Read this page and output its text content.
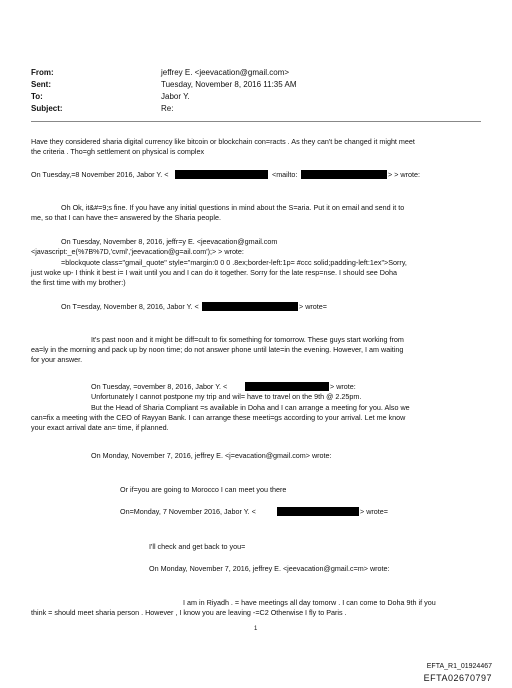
From:	jeffrey E. <jeevacation@gmail.com>
Sent:	Tuesday, November 8, 2016 11:35 AM
To:	Jabor Y.
Subject:	Re:
Have they considered sharia digital currency like bitcoin or blockchain con=racts . As they can't be changed it might meet
the criteria . Tho=gh settlement on physical is complex
On Tuesday,=8 November 2016, Jabor Y. <	<mailto:	> > wrote:
Oh Ok, it&#=9;s fine. If you have any initial questions in mind about the S=aria. Put it on email and send it to
me, so that I can have the= answered by the Sharia people.
On Tuesday, November 8, 2016, jeffr=y E. <jeevacation@gmail.com
<javascript:_e(%7B%7D,'cvml','jeevacation@g=ail.com');> > wrote:
=blockquote class="gmail_quote" style="margin:0 0 0 .8ex;border-left:1p= #ccc solid;padding-left:1ex">Sorry,
just woke up- I think it best i= I wait until you and I can do it together. Sorry for the late resp=nse. I should see Doha
the first time with my brother:)
On T=esday, November 8, 2016, Jabor Y. <	> wrote=
It's past noon and it might be diff=cult to fix something for tomorrow. These guys start working from
ea=ly in the morning and pack up by noon time; do not answer phone until late=in the evening. However, I am waiting
for your answer.
On Tuesday, =ovember 8, 2016, Jabor Y. <	> wrote:
Unfortunately I cannot postpone my trip and wil= have to travel on the 9th @ 2.25pm.
But the Head of Sharia Compliant =s available in Doha and I can arrange a meeting for you. Also we
can=fix a meeting with the CEO of Rayyan Bank. I can arrange these meeti=gs according to your arrival. Let me know
your exact arrival date an= time, if planned.
On Monday, November 7, 2016, jeffrey E. <j=evacation@gmail.com> wrote:
Or if=you are going to Morocco I can meet you there
On=Monday, 7 November 2016, Jabor Y. <	> wrote=
I'll check and get back to you=
On Monday, November 7, 2016, jeffrey E. <jeevacation@gmail.c=m> wrote:
I am in Riyadh . = have meetings all day tomorw . I can come to Doha 9th if you
think = should meet sharia person . However , I know you are leaving -=C2 Otherwise I fly to Paris .
1
EFTA_R1_01924467
EFTA02670797
